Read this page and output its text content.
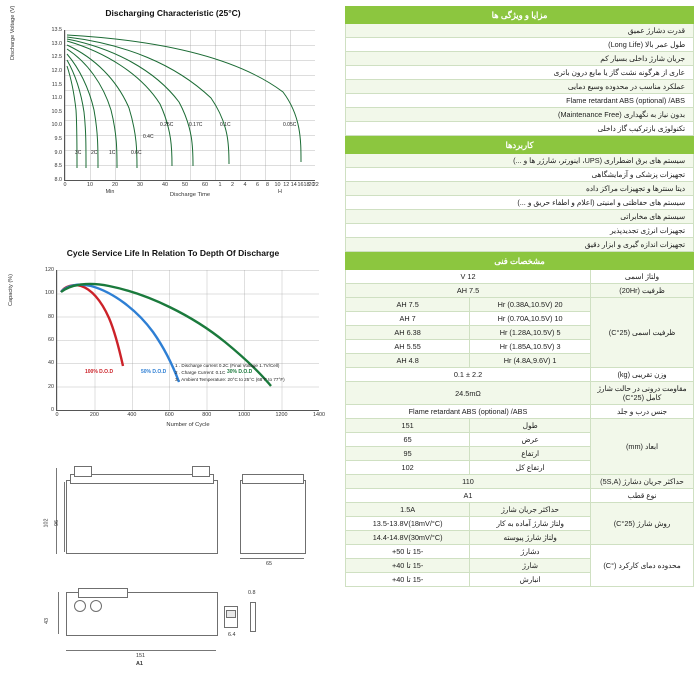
Discharging Characteristic (25°C)
Discharge Voltage (V)	13.5
13.0
12.5
12.0
11.5
11.0
10.5
10.0
9.5
9.0
8.5
8.0
0	10	20	30	40	50	60 1 2 4 6 8 10 12 14 16 18 20
22
Min	H
3C 2C 1C	0.6C
0.4C
0.25C	0.17C	0.1C	0.05C
Discharge Time
Cycle Service Life In Relation To Depth Of Discharge
Capacity (%)
120
100
80
60
40
20
0
0	200	400	600	800	1000	1200	1400
100% D.O.D	50% D.O.D	30% D.O.D
1 . Discharge current 0.2C (Final Voltage 1.7V/Cell)
2 . Charge Current: 0.1C
3 . Ambient Temperature: 20°C to 25°C (68°F to 77°F)
Number of Cycle
102 96
65
43
151
0.8
6.4
A1
مزایا و ویژگی ها
قدرت دشارژ عمیق
طول عمر بالا (Long Life)
جریان شارژ داخلی بسیار کم
عاری از هرگونه نشت گاز یا مایع درون باتری
عملکرد مناسب در محدوده وسیع دمایی
Flame retardant ABS (optional) /ABS
بدون نیاز به نگهداری (Maintenance Free)
تکنولوژی بازترکیب گاز داخلی
کاربردها
سیستم های برق اضطراری (UPS، اینورتر، شارژر ها و ...)
تجهیزات پزشکی و آزمایشگاهی
دیتا سنترها و تجهیزات مراکز داده
سیستم های حفاظتی و امنیتی (اعلام و اطفاء حریق و ...)
سیستم های مخابراتی
تجهیزات انرژی تجدیدپذیر
تجهیزات اندازه گیری و ابزار دقیق
مشخصات فنی		
ولتاژ اسمی	12 V	
ظرفیت (20Hr)	7.5 AH	
ظرفیت اسمی (25°C)	20 Hr (0.38A,10.5V)	7.5 AH
	10 Hr (0.70A,10.5V)	7 AH
	5 Hr (1.28A,10.5V)	6.38 AH
	3 Hr (1.85A,10.5V)	5.55 AH
	1 Hr (4.8A,9.6V)	4.8 AH
وزن تقریبی (kg)	2.2 ± 0.1	
مقاومت درونی در حالت شارژ کامل (25°C)	24.5mΩ	
جنس درب و جلد	Flame retardant ABS (optional) /ABS	
ابعاد (mm)	طول	151
	عرض	65
	ارتفاع	95
	ارتفاع کل	102
حداکثر جریان دشارژ (5S,A)	110	
نوع قطب	A1	
روش شارژ (25°C)	حداکثر جریان شارژ	1.5A
	ولتاژ شارژ آماده به کار	13.5-13.8V(18mV/°C)
	ولتاژ شارژ پیوسته	14.4-14.8V(30mV/°C)
محدوده دمای کارکرد (°C)	دشارژ	-15 تا 50+
	شارژ	-15 تا 40+
	انبارش	-15 تا 40+
